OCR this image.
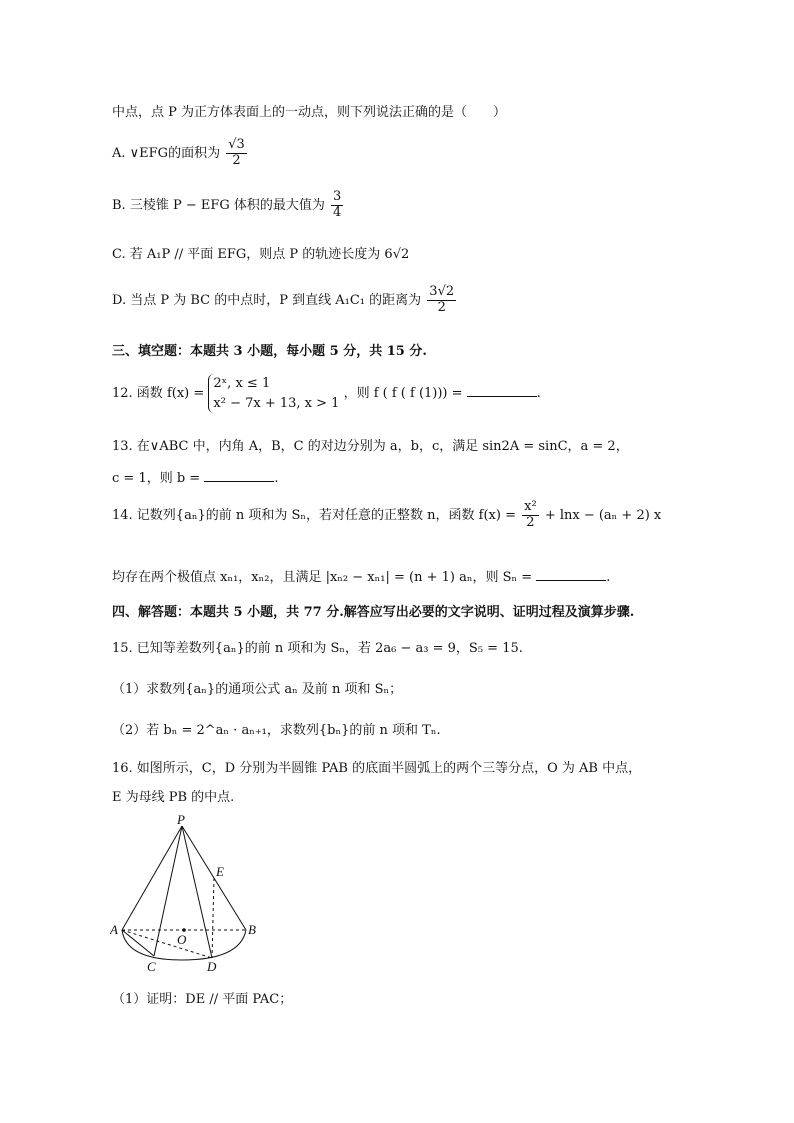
中点，点 P 为正方体表面上的一动点，则下列说法正确的是（　　）
A. ∨EFG的面积为 $\frac{√3}{2}$
B. 三棱锥 P − EFG 体积的最大值为 $\frac{3}{4}$
C. 若 A₁P // 平面 EFG，则点 P 的轨迹长度为 6√2
D. 当点 P 为 BC 的中点时，P 到直线 A₁C₁ 的距离为 $\frac{3√2}{2}$
三、填空题：本题共 3 小题，每小题 5 分，共 15 分.
12. 函数 f(x) =
2ˣ, x ≤ 1
x² − 7x + 13, x > 1
，则 f ( f ( f (1))) =	.
13. 在∨ABC 中，内角 A，B，C 的对边分别为 a，b，c，满足 sin2A = sinC，a = 2，
c = 1，则 b =	.
14. 记数列{aₙ}的前 n 项和为 Sₙ，若对任意的正整数 n，函数 $f(x) = \frac{\text{x²}}{2} + \ln x - (a_n + 2)$ x
均存在两个极值点 xₙ₁，xₙ₂，且满足 |xₙ₂ − xₙ₁| = (n + 1) aₙ，则 Sₙ =	.
四、解答题：本题共 5 小题，共 77 分.解答应写出必要的文字说明、证明过程及演算步骤.
15. 已知等差数列{aₙ}的前 n 项和为 Sₙ，若 2a₆ − a₃ = 9，S₅ = 15.
（1）求数列{aₙ}的通项公式 aₙ 及前 n 项和 Sₙ；
（2）若 bₙ = 2^aₙ · aₙ₊₁，求数列{bₙ}的前 n 项和 Tₙ.
16. 如图所示，C，D 分别为半圆锥 PAB 的底面半圆弧上的两个三等分点，O 为 AB 中点，
E 为母线 PB 的中点.
P
E
A	B
O
C	D
（1）证明：DE // 平面 PAC；
